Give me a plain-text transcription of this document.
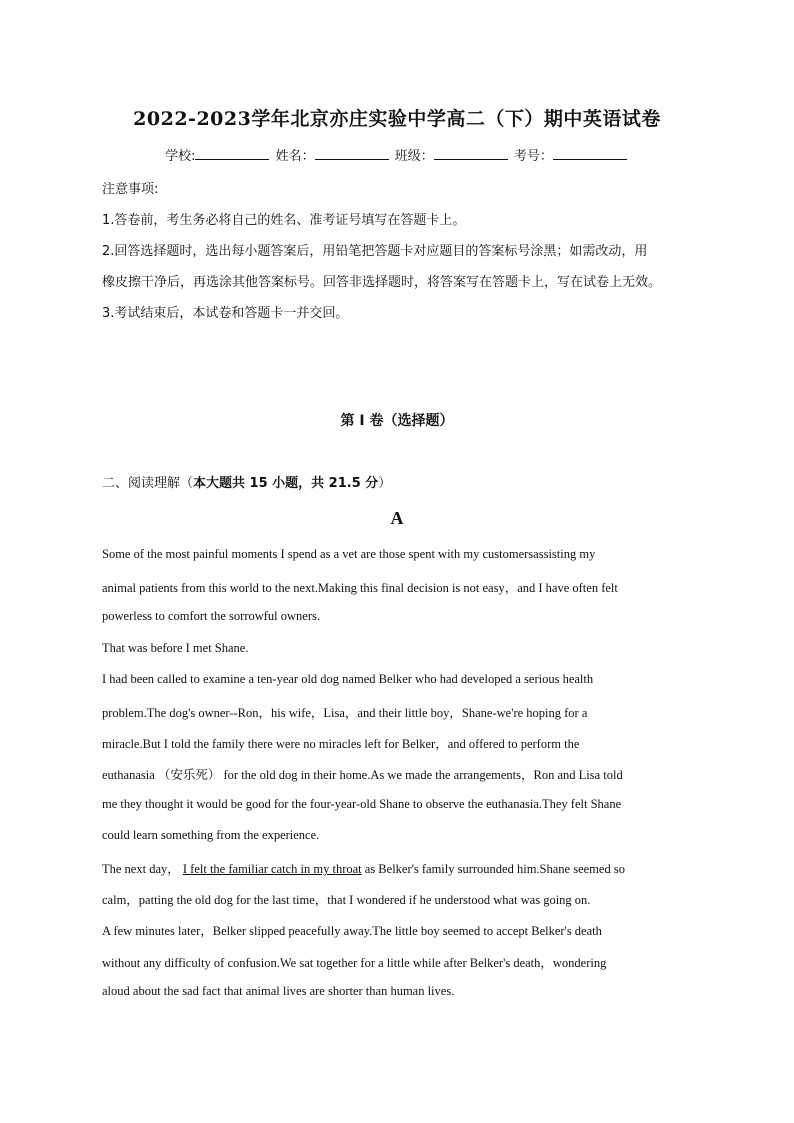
2022-2023学年北京亦庄实验中学高二（下）期中英语试卷
学校:	姓名：	班级：	考号：
注意事项:
1.答卷前，考生务必将自己的姓名、准考证号填写在答题卡上。
2.回答选择题时，选出每小题答案后，用铅笔把答题卡对应题目的答案标号涂黑；如需改动，用
橡皮擦干净后，再选涂其他答案标号。回答非选择题时，将答案写在答题卡上，写在试卷上无效。
3.考试结束后，本试卷和答题卡一并交回。
第 I 卷（选择题）
二、阅读理解（本大题共 15 小题，共 21.5 分）
A
Some of the most painful moments I spend as a vet are those spent with my customersassisting my
animal patients from this world to the next.Making this final decision is not easy，and I have often felt
powerless to comfort the sorrowful owners.
That was before I met Shane.
I had been called to examine a ten-year old dog named Belker who had developed a serious health
problem.The dog's owner--Ron，his wife，Lisa，and their little boy，Shane-we're hoping for a
miracle.But I told the family there were no miracles left for Belker，and offered to perform the
euthanasia （安乐死） for the old dog in their home.As we made the arrangements，Ron and Lisa told
me they thought it would be good for the four-year-old Shane to observe the euthanasia.They felt Shane
could learn something from the experience.
The next day， I felt the familiar catch in my throat as Belker's family surrounded him.Shane seemed so
calm，patting the old dog for the last time，that I wondered if he understood what was going on.
A few minutes later，Belker slipped peacefully away.The little boy seemed to accept Belker's death
without any difficulty of confusion.We sat together for a little while after Belker's death，wondering
aloud about the sad fact that animal lives are shorter than human lives.
